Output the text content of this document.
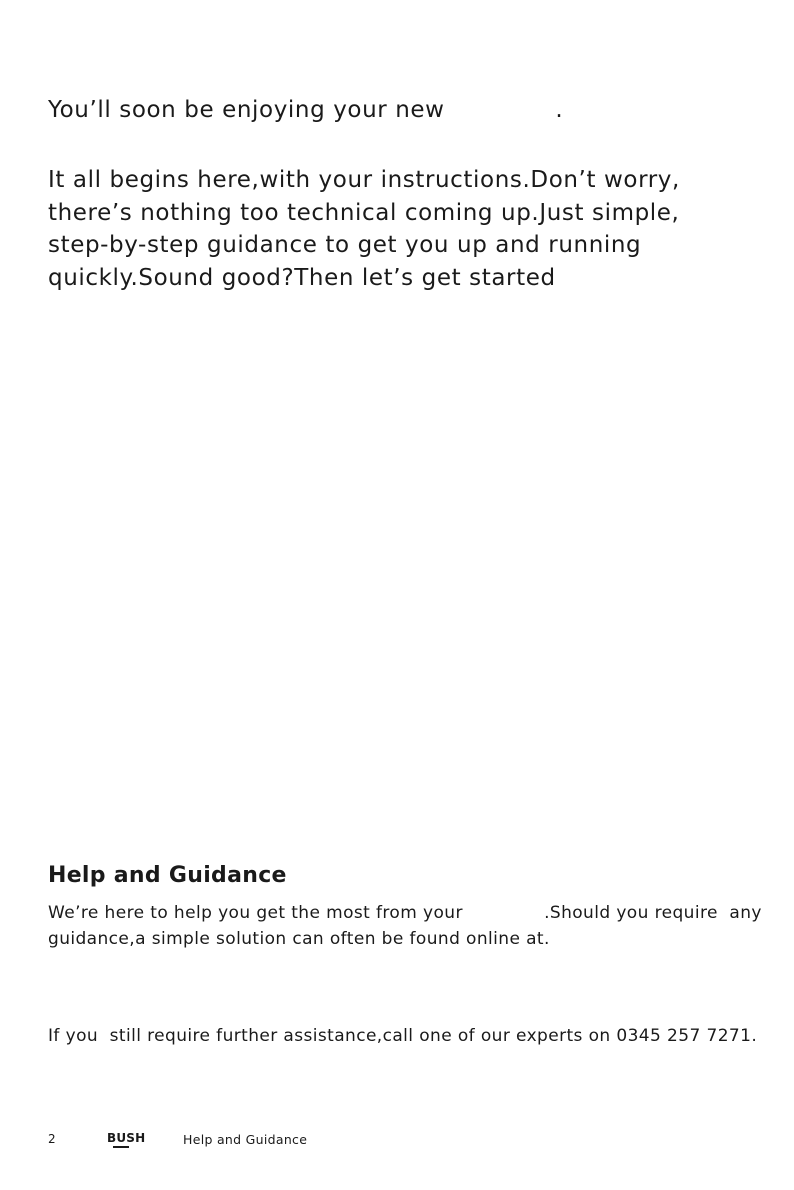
You’ll soon be enjoying your new              .
It all begins here,with your instructions.Don’t worry,
there’s nothing too technical coming up.Just simple,
step-by-step guidance to get you up and running
quickly.Sound good?Then let’s get started
Help and Guidance
We’re here to help you get the most from your              .Should you require  any
guidance,a simple solution can often be found online at.
If you  still require further assistance,call one of our experts on 0345 257 7271.
2	BUSH	Help and Guidance
